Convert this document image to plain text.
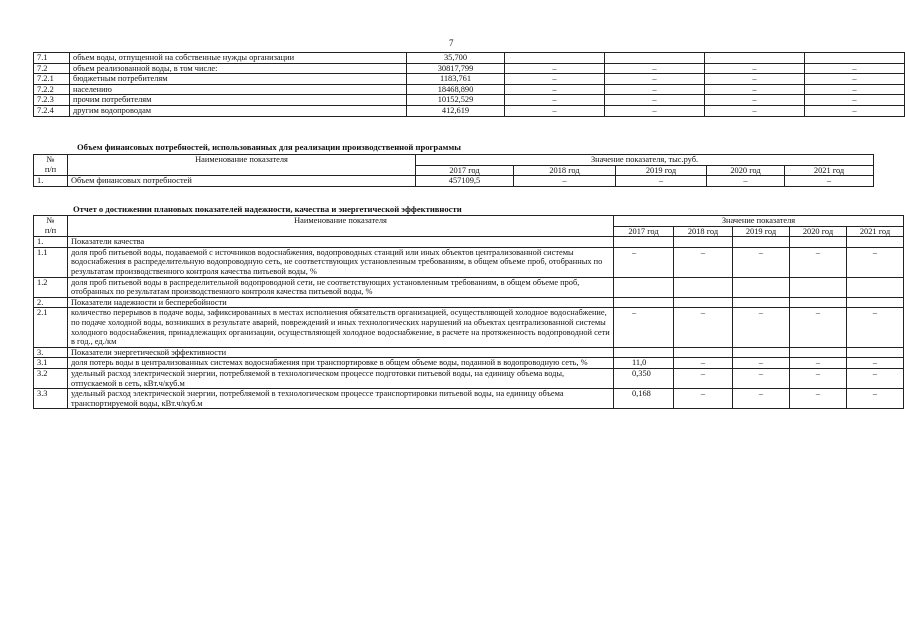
7
7.1	объем воды, отпущенной на собственные нужды организации	35,700				
7.2	объем реализованной воды, в том числе:	30817,799	–	–	–	–
7.2.1	бюджетным потребителям	1183,761	–	–	–	–
7.2.2	населению	18468,890	–	–	–	–
7.2.3	прочим потребителям	10152,529	–	–	–	–
7.2.4	другим водопроводам	412,619	–	–	–	–
Объем финансовых потребностей, использованных для реализации производственной программы
№
п/п	Наименование показателя	Значение показателя, тыс.руб.				
		2017 год	2018 год	2019 год	2020 год	2021 год
1.	Объем финансовых потребностей	457109,5	–	–	–	–
Отчет о достижении плановых показателей надежности, качества и энергетической эффективности
№
п/п	Наименование показателя	Значение показателя				
		2017 год	2018 год	2019 год	2020 год	2021 год
1.	Показатели качества					
1.1	доля проб питьевой воды, подаваемой с источников водоснабжения, водопроводных станций или иных объектов централизованной системы водоснабжения в распределительную водопроводную сеть, не соответствующих установленным требованиям, в общем объеме проб, отобранных по результатам производственного контроля качества питьевой воды, %	–	–	–	–	–
1.2	доля проб питьевой воды в распределительной водопроводной сети, не соответствующих установленным требованиям, в общем объеме проб, отобранных по результатам производственного контроля качества питьевой воды, %					
2.	Показатели надежности и бесперебойности					
2.1	количество перерывов в подаче воды, зафиксированных в местах исполнения обязательств организацией, осуществляющей холодное водоснабжение, по подаче холодной воды, возникших в результате аварий, повреждений и иных технологических нарушений на объектах централизованной системы холодного водоснабжения, принадлежащих организации, осуществляющей холодное водоснабжение, в расчете на протяженность водопроводной сети в год., ед./км	–	–	–	–	–
3.	Показатели энергетической эффективности					
3.1	доля потерь воды в централизованных системах водоснабжения при транспортировке в общем объеме воды, поданной в водопроводную сеть, %	11,0	–	–	–	–
3.2	удельный расход электрической энергии, потребляемой в технологическом процессе подготовки питьевой воды, на единицу объема воды, отпускаемой в сеть, кВт.ч/куб.м	0,350	–	–	–	–
3.3	удельный расход электрической энергии, потребляемой в технологическом процессе транспортировки питьевой воды, на единицу объема транспортируемой воды, кВт.ч/куб.м	0,168	–	–	–	–
